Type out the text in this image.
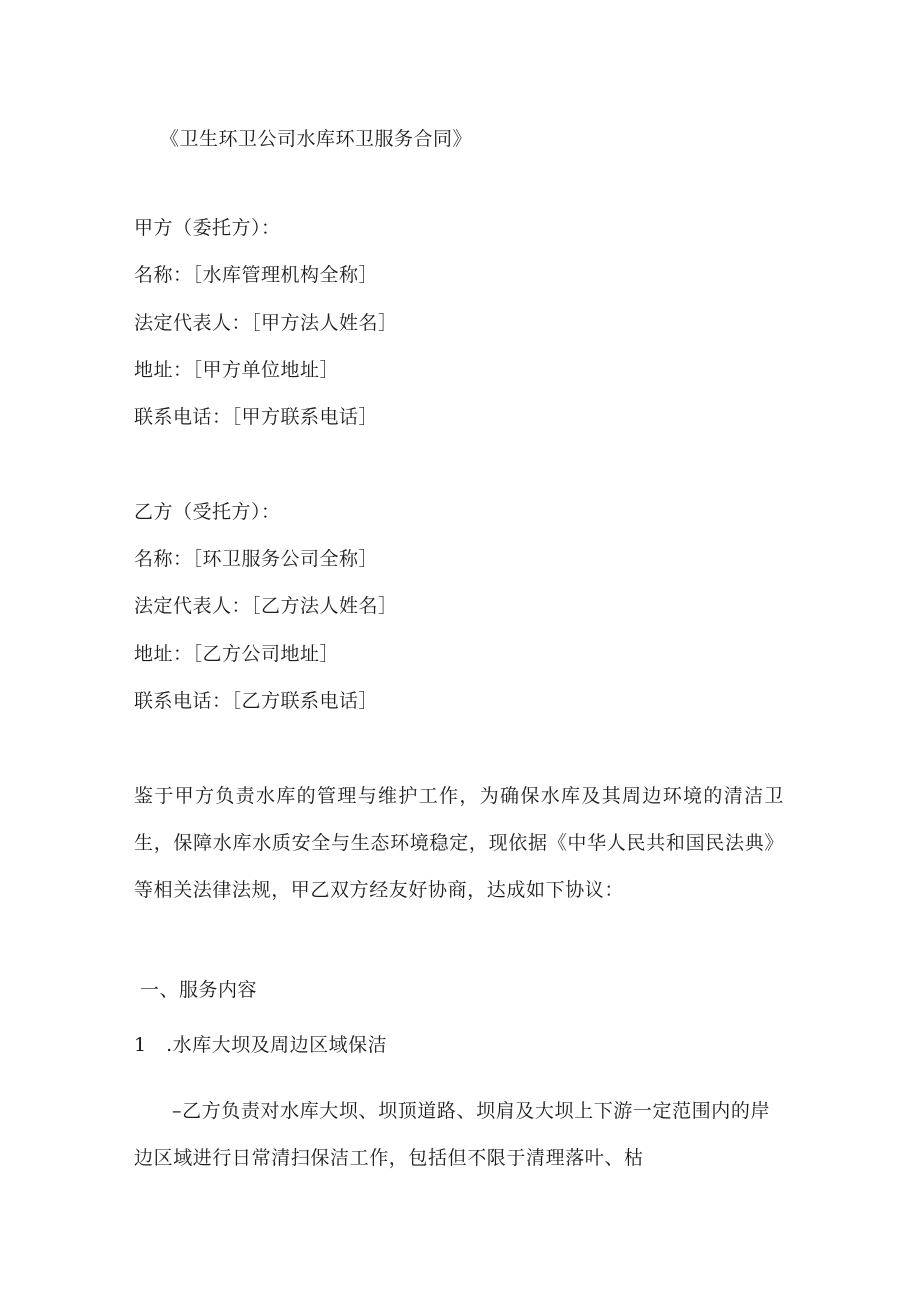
《卫生环卫公司水库环卫服务合同》
甲方（委托方）：
名称：［水库管理机构全称］
法定代表人：［甲方法人姓名］
地址：［甲方单位地址］
联系电话：［甲方联系电话］
乙方（受托方）：
名称：［环卫服务公司全称］
法定代表人：［乙方法人姓名］
地址：［乙方公司地址］
联系电话：［乙方联系电话］
鉴于甲方负责水库的管理与维护工作，为确保水库及其周边环境的清洁卫生，保障水库水质安全与生态环境稳定，现依据《中华人民共和国民法典》等相关法律法规，甲乙双方经友好协商，达成如下协议：
一、服务内容
1　.水库大坝及周边区域保洁
–乙方负责对水库大坝、坝顶道路、坝肩及大坝上下游一定范围内的岸边区域进行日常清扫保洁工作，包括但不限于清理落叶、枯
